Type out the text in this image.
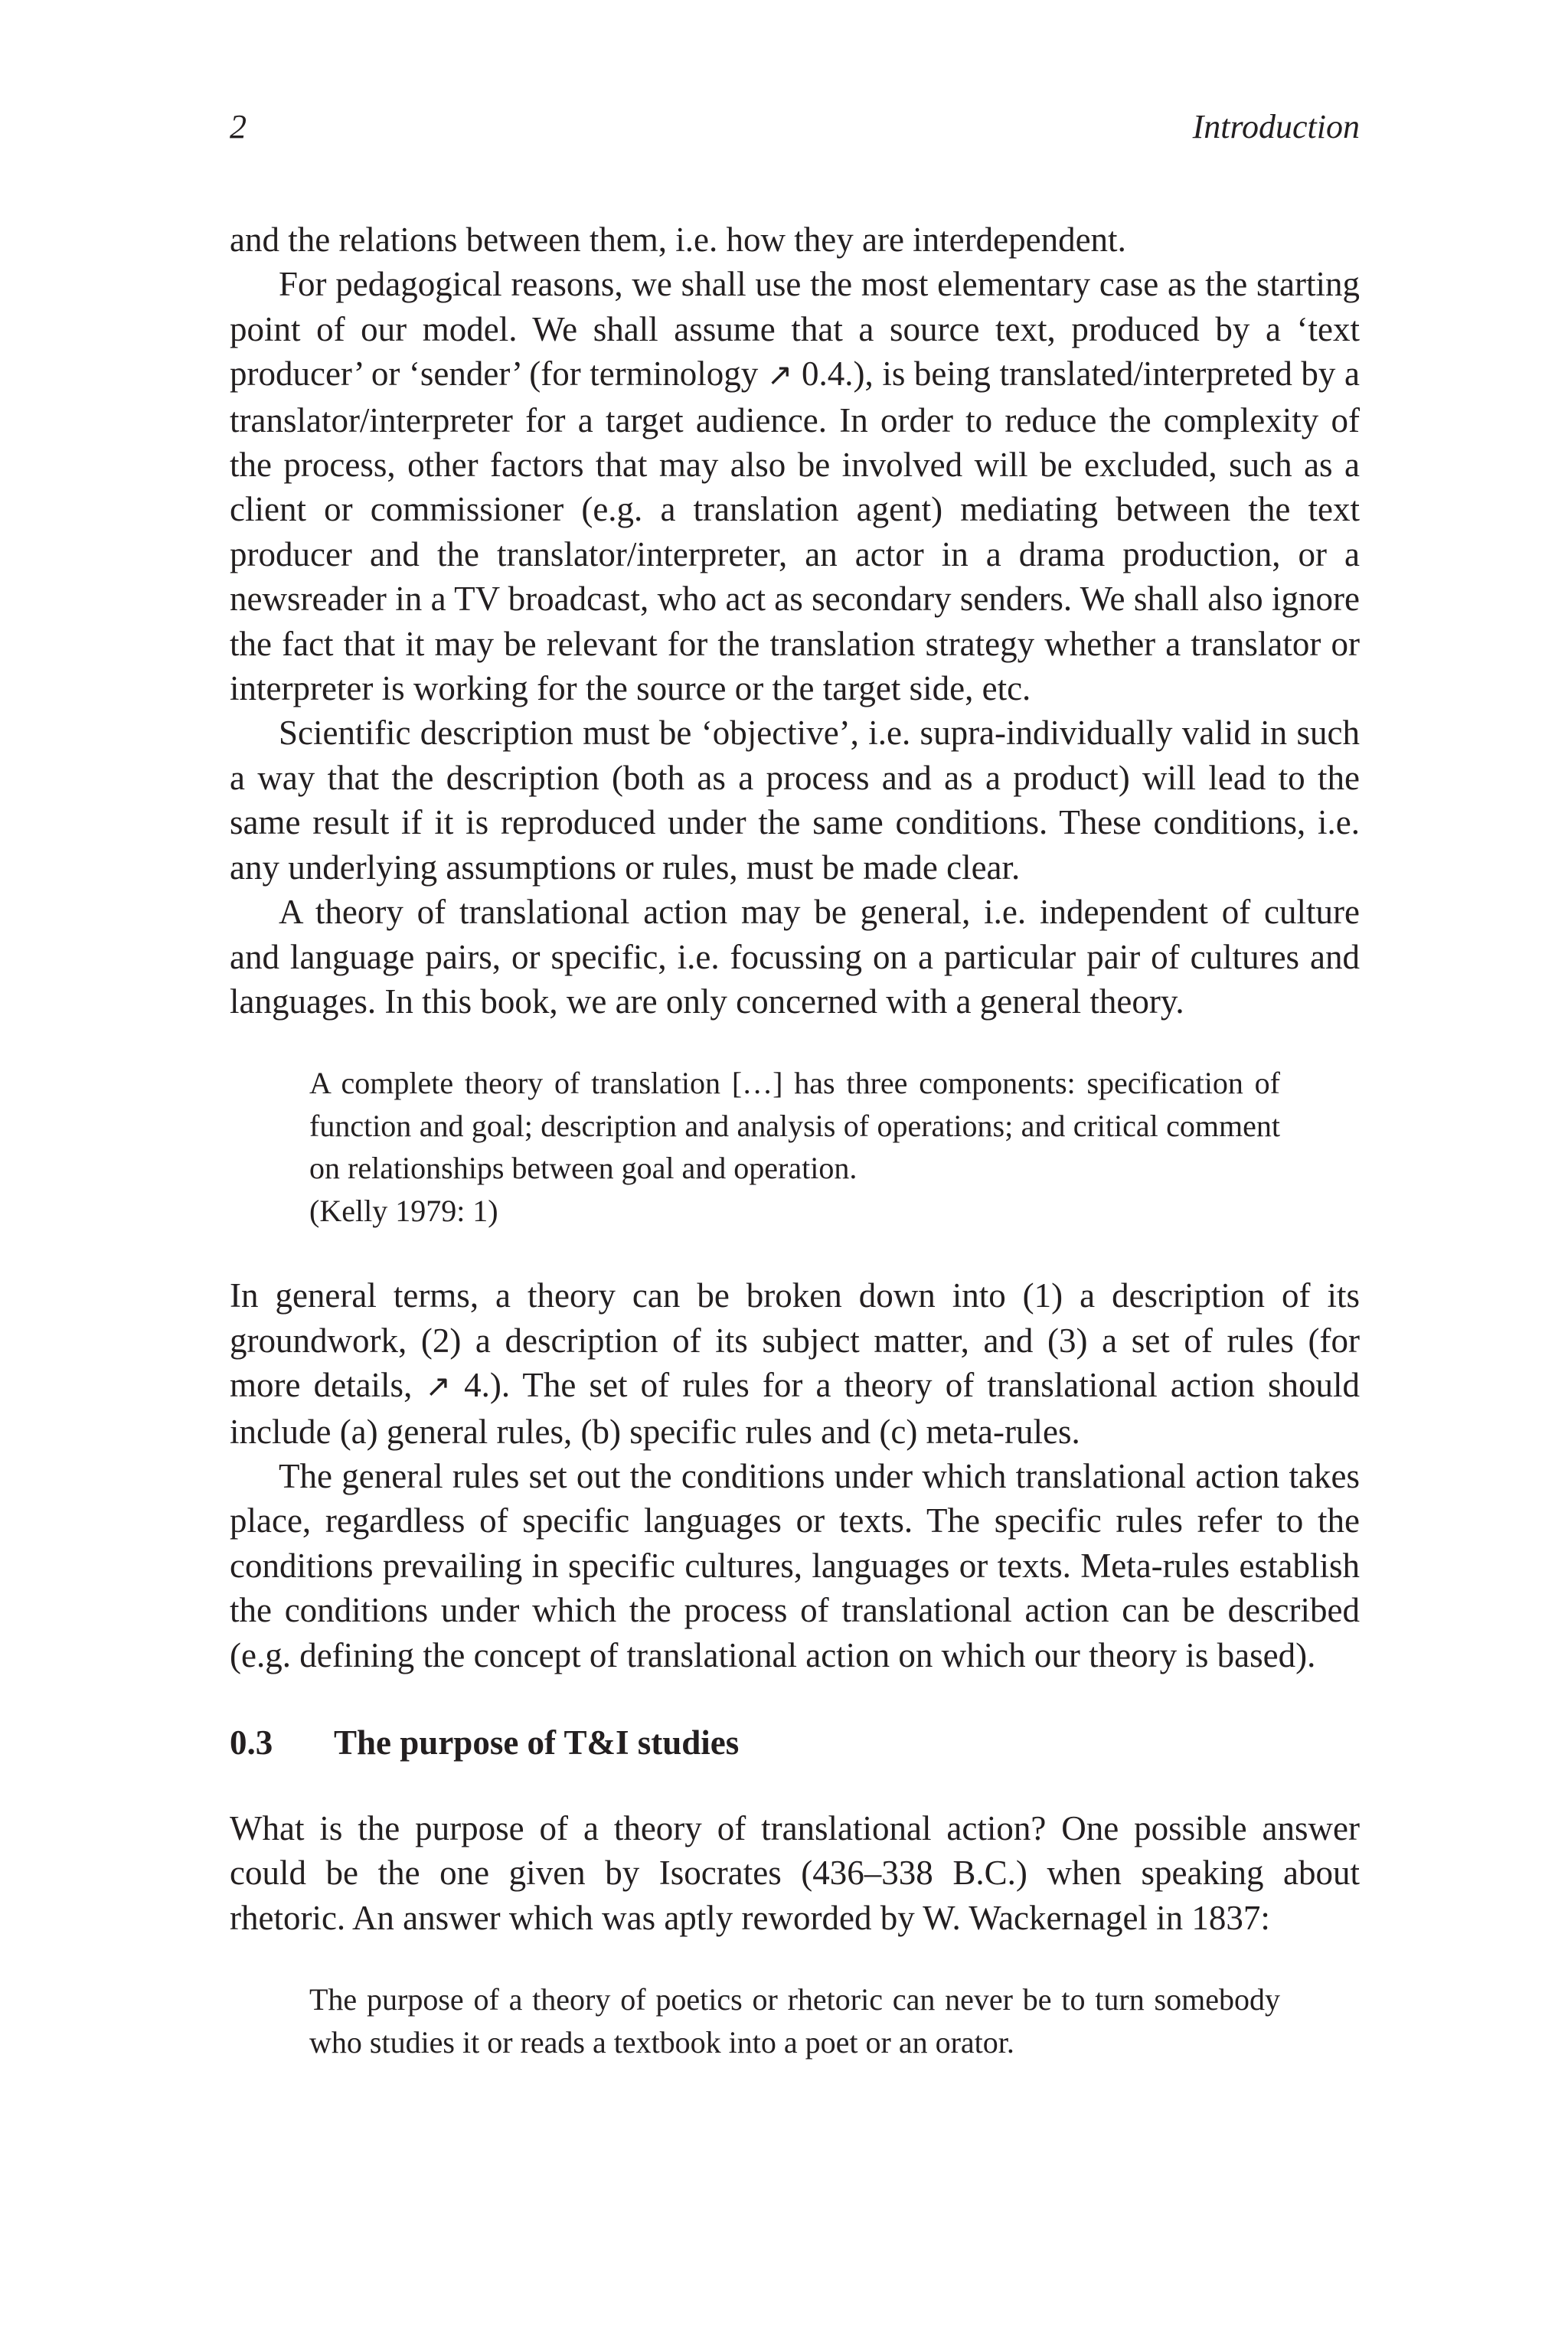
2	Introduction

and the relations between them, i.e. how they are interdependent.

For pedagogical reasons, we shall use the most elementary case as the starting point of our model. We shall assume that a source text, produced by a ‘text producer’ or ‘sender’ (for terminology ↗ 0.4.), is being translated/interpreted by a translator/interpreter for a target audience. In order to reduce the complexity of the process, other factors that may also be involved will be excluded, such as a client or commissioner (e.g. a translation agent) mediating between the text producer and the translator/interpreter, an actor in a drama production, or a newsreader in a TV broadcast, who act as secondary senders. We shall also ignore the fact that it may be relevant for the translation strategy whether a translator or interpreter is working for the source or the target side, etc.

Scientific description must be ‘objective’, i.e. supra-individually valid in such a way that the description (both as a process and as a product) will lead to the same result if it is reproduced under the same conditions. These conditions, i.e. any underlying assumptions or rules, must be made clear.

A theory of translational action may be general, i.e. independent of culture and language pairs, or specific, i.e. focussing on a particular pair of cultures and languages. In this book, we are only concerned with a general theory.

A complete theory of translation […] has three components: specification of function and goal; description and analysis of operations; and critical comment on relationships between goal and operation.
(Kelly 1979: 1)

In general terms, a theory can be broken down into (1) a description of its groundwork, (2) a description of its subject matter, and (3) a set of rules (for more details, ↗ 4.). The set of rules for a theory of translational action should include (a) general rules, (b) specific rules and (c) meta-rules.

The general rules set out the conditions under which translational action takes place, regardless of specific languages or texts. The specific rules refer to the conditions prevailing in specific cultures, languages or texts. Meta-rules establish the conditions under which the process of translational action can be described (e.g. defining the concept of translational action on which our theory is based).

0.3 The purpose of T&I studies

What is the purpose of a theory of translational action? One possible answer could be the one given by Isocrates (436–338 B.C.) when speaking about rhetoric. An answer which was aptly reworded by W. Wackernagel in 1837:

The purpose of a theory of poetics or rhetoric can never be to turn somebody who studies it or reads a textbook into a poet or an orator.
